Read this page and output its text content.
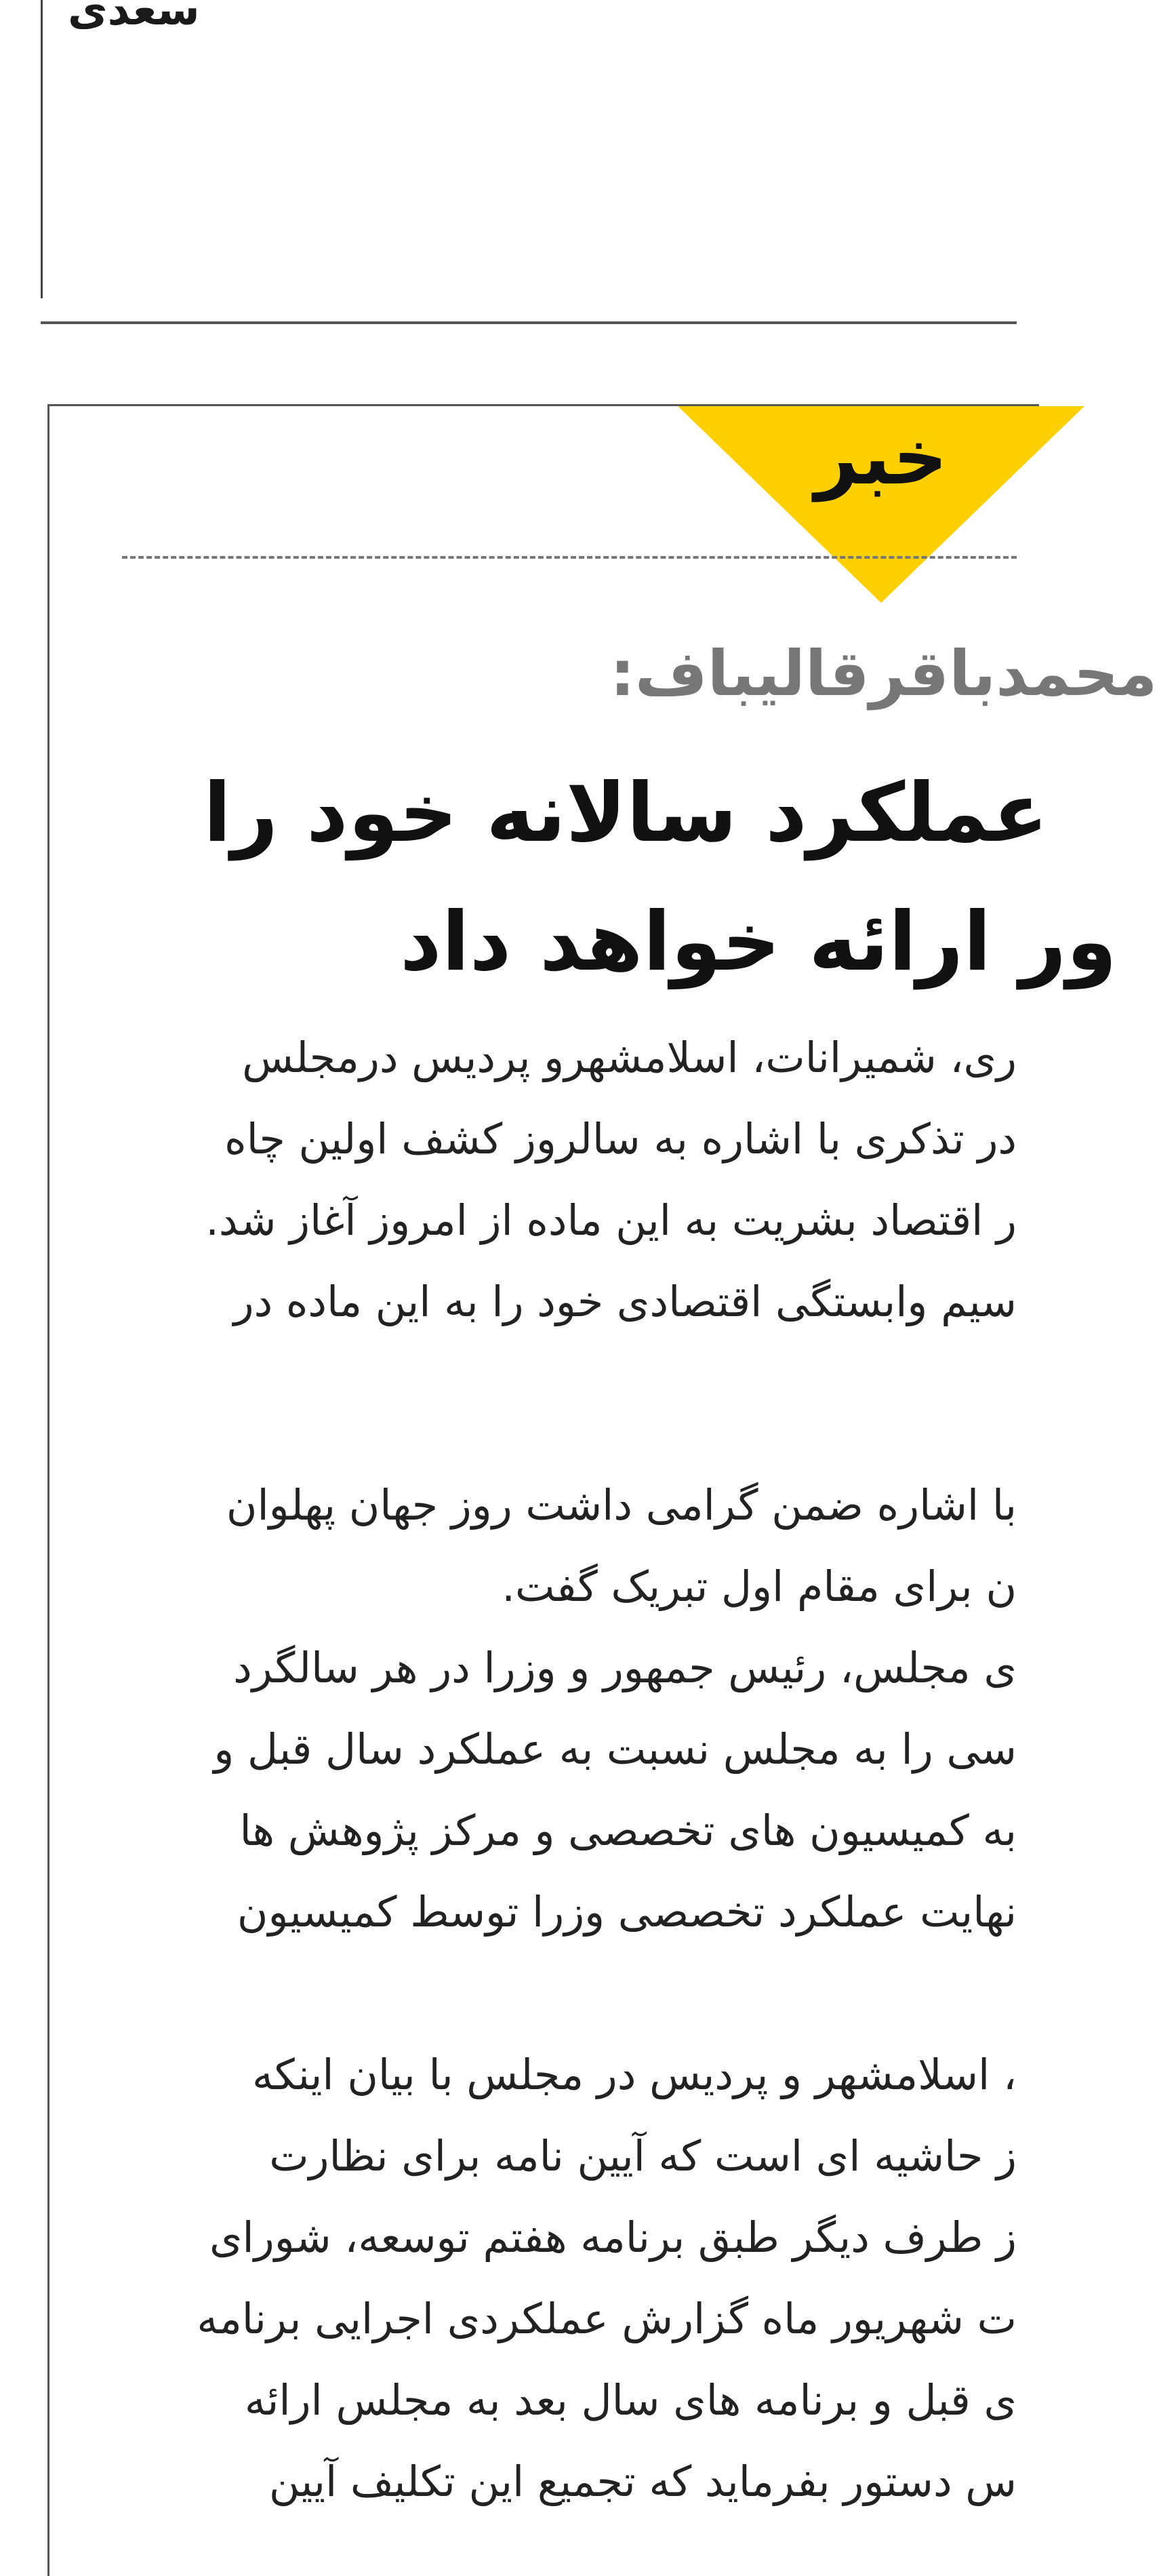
سعدی
خبر
محمدباقرقالیباف:
عملکرد سالانه خود را
ور ارائه خواهد داد
ری، شمیرانات، اسلامشهرو پردیس درمجلس
در تذکری با اشاره به سالروز کشف اولین چاه
ر اقتصاد بشریت به این ماده از امروز آغاز شد.
سیم وابستگی اقتصادی خود را به این ماده در
با اشاره ضمن گرامی داشت روز جهان پهلوان
ن برای مقام اول تبریک گفت.
ی مجلس، رئیس جمهور و وزرا در هر سالگرد
سی را به مجلس نسبت به عملکرد سال قبل و
به کمیسیون های تخصصی و مرکز پژوهش ها
نهایت عملکرد تخصصی وزرا توسط کمیسیون
، اسلامشهر و پردیس در مجلس با بیان اینکه
ز حاشیه ای است که آیین نامه برای نظارت
ز طرف دیگر طبق برنامه هفتم توسعه، شورای
ت شهریور ماه گزارش عملکردی اجرایی برنامه
ی قبل و برنامه های سال بعد به مجلس ارائه
س دستور بفرماید که تجمیع این تکلیف آیین
